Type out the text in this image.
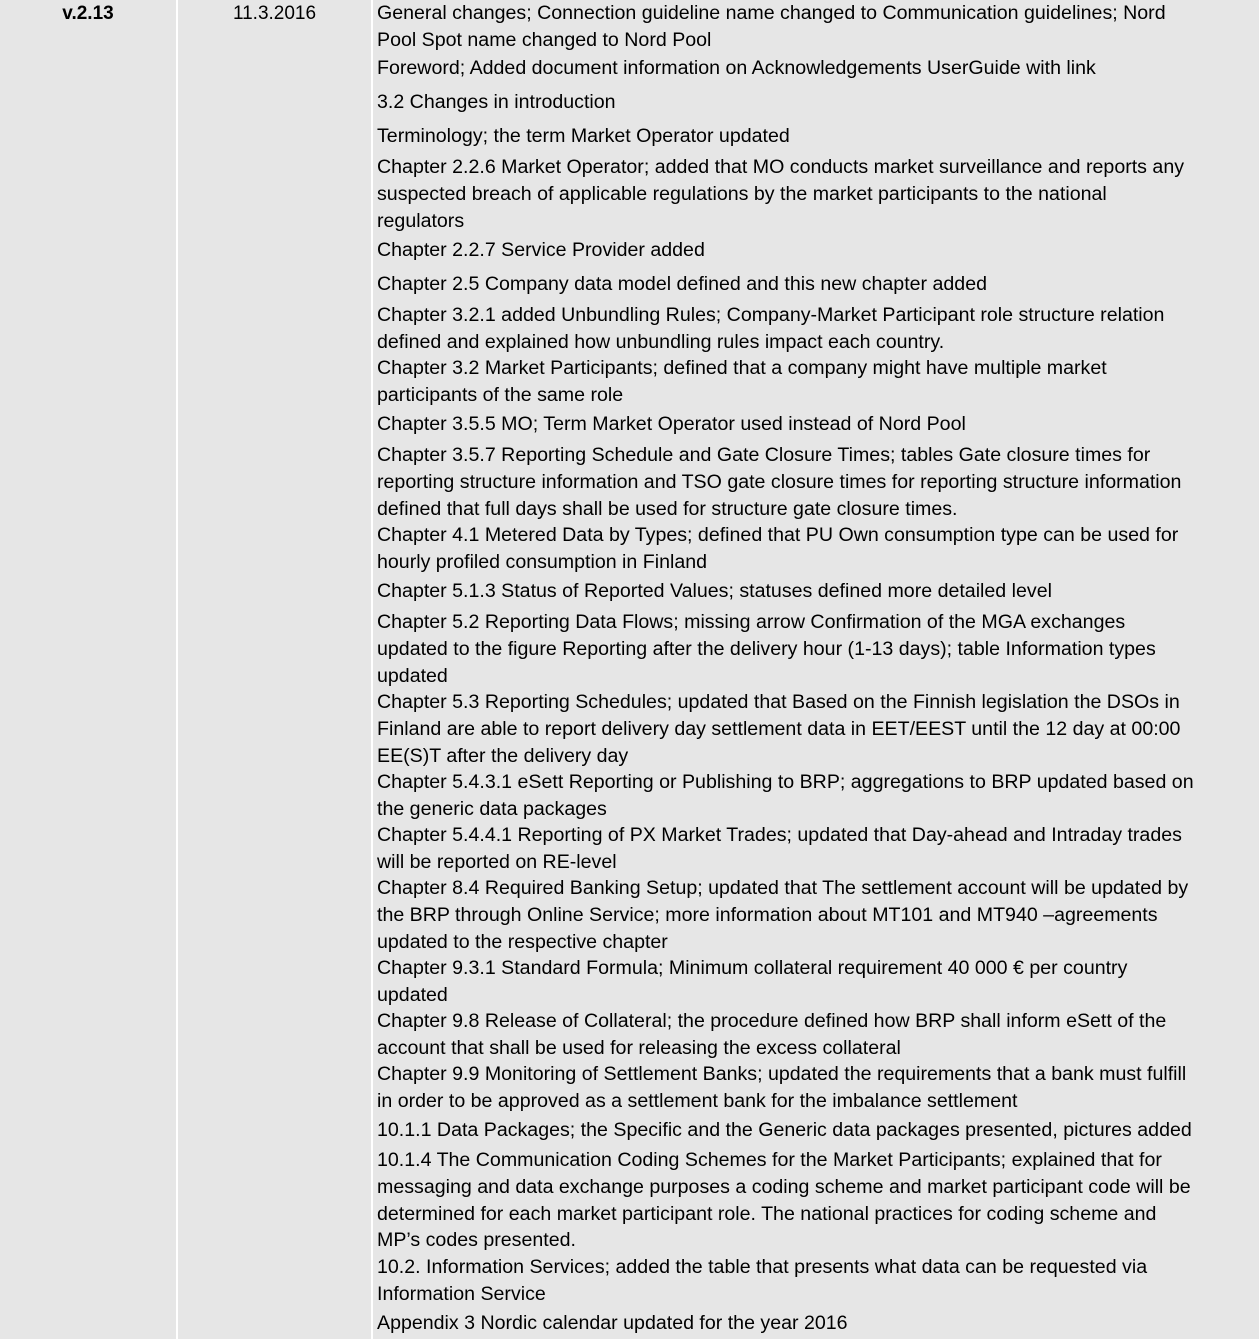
v.2.13	11.3.2016	General changes; Connection guideline name changed to Communication guidelines; Nord
Pool Spot name changed to Nord Pool
Foreword; Added document information on Acknowledgements UserGuide with link
3.2 Changes in introduction
Terminology; the term Market Operator updated
Chapter 2.2.6 Market Operator; added that MO conducts market surveillance and reports any
suspected breach of applicable regulations by the market participants to the national
regulators
Chapter 2.2.7 Service Provider added
Chapter 2.5 Company data model defined and this new chapter added
Chapter 3.2.1 added Unbundling Rules; Company-Market Participant role structure relation
defined and explained how unbundling rules impact each country.
Chapter 3.2 Market Participants; defined that a company might have multiple market
participants of the same role
Chapter 3.5.5 MO; Term Market Operator used instead of Nord Pool
Chapter 3.5.7 Reporting Schedule and Gate Closure Times; tables Gate closure times for
reporting structure information and TSO gate closure times for reporting structure information
defined that full days shall be used for structure gate closure times.
Chapter 4.1 Metered Data by Types; defined that PU Own consumption type can be used for
hourly profiled consumption in Finland
Chapter 5.1.3 Status of Reported Values; statuses defined more detailed level
Chapter 5.2 Reporting Data Flows; missing arrow Confirmation of the MGA exchanges
updated to the figure Reporting after the delivery hour (1-13 days); table Information types
updated
Chapter 5.3 Reporting Schedules; updated that Based on the Finnish legislation the DSOs in
Finland are able to report delivery day settlement data in EET/EEST until the 12 day at 00:00
EE(S)T after the delivery day
Chapter 5.4.3.1 eSett Reporting or Publishing to BRP; aggregations to BRP updated based on
the generic data packages
Chapter 5.4.4.1 Reporting of PX Market Trades; updated that Day-ahead and Intraday trades
will be reported on RE-level
Chapter 8.4 Required Banking Setup; updated that The settlement account will be updated by
the BRP through Online Service; more information about MT101 and MT940 –agreements
updated to the respective chapter
Chapter 9.3.1 Standard Formula; Minimum collateral requirement 40 000 € per country
updated
Chapter 9.8 Release of Collateral; the procedure defined how BRP shall inform eSett of the
account that shall be used for releasing the excess collateral
Chapter 9.9 Monitoring of Settlement Banks; updated the requirements that a bank must fulfill
in order to be approved as a settlement bank for the imbalance settlement
10.1.1 Data Packages; the Specific and the Generic data packages presented, pictures added
10.1.4 The Communication Coding Schemes for the Market Participants; explained that for
messaging and data exchange purposes a coding scheme and market participant code will be
determined for each market participant role. The national practices for coding scheme and
MP’s codes presented.
10.2. Information Services; added the table that presents what data can be requested via
Information Service
Appendix 3 Nordic calendar updated for the year 2016
